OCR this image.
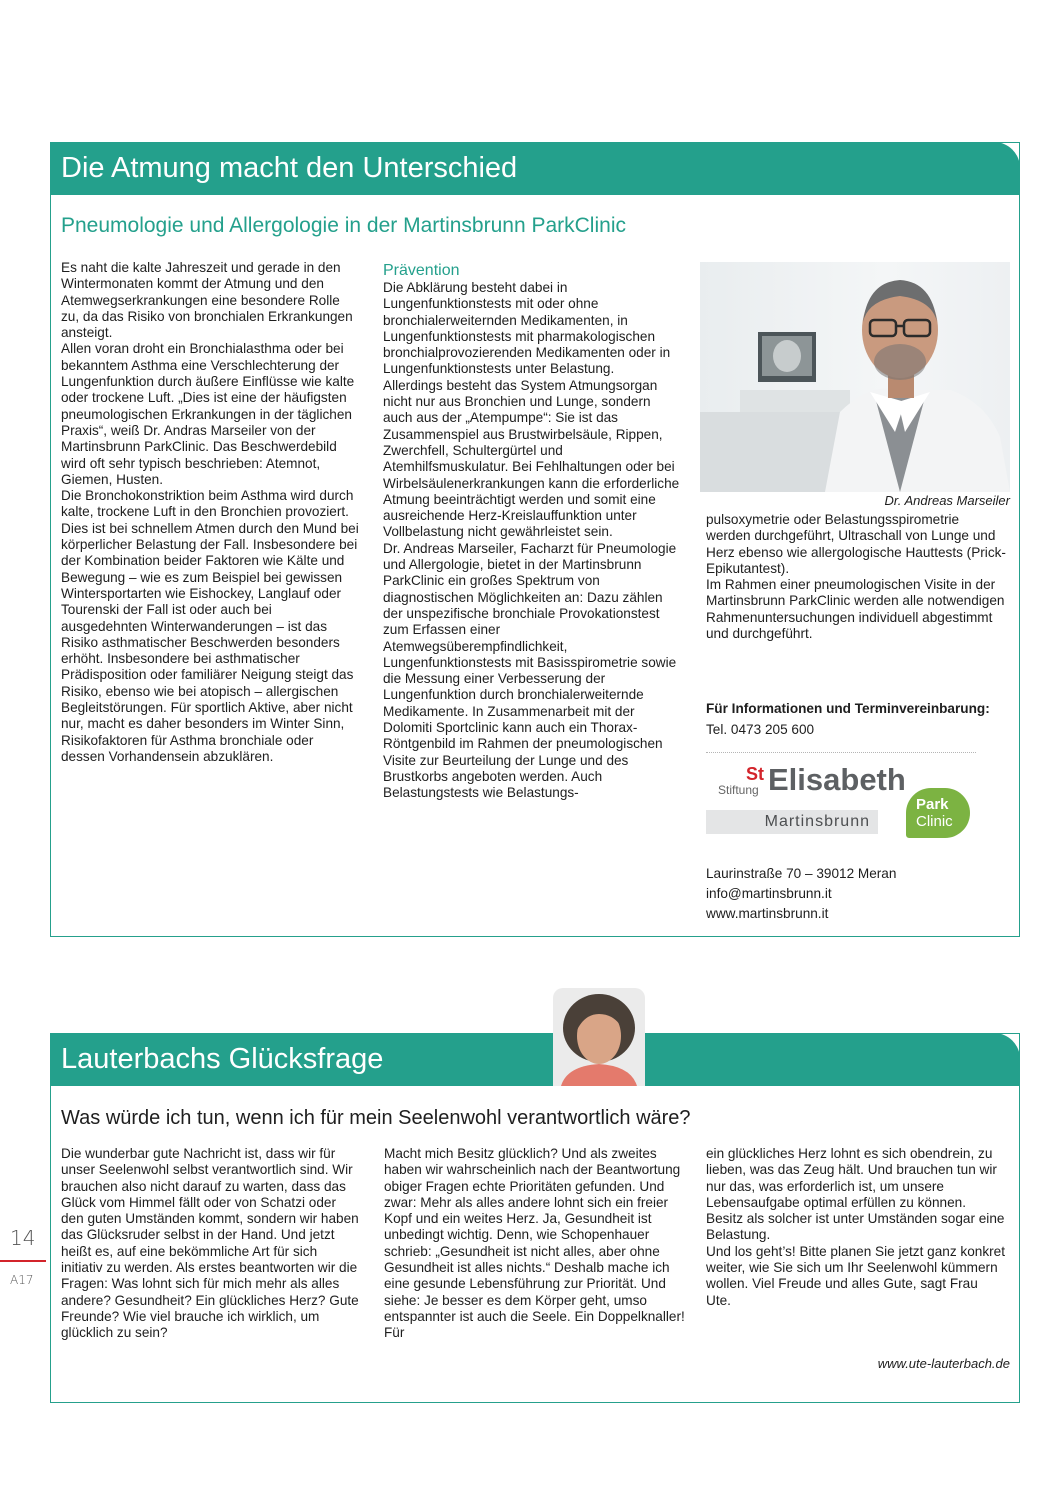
Die Atmung macht den Unterschied
Pneumologie und Allergologie in der Martinsbrunn ParkClinic

Es naht die kalte Jahreszeit und gerade in den Wintermonaten kommt der Atmung und den Atemwegserkrankungen eine besondere Rolle zu, da das Risiko von bronchialen Erkrankungen ansteigt.

Allen voran droht ein Bronchialasthma oder bei bekanntem Asthma eine Verschlechterung der Lungenfunktion durch äußere Einflüsse wie kalte oder trockene Luft. „Dies ist eine der häufigsten pneumologischen Erkrankungen in der täglichen Praxis“, weiß Dr. Andras Marseiler von der Martinsbrunn ParkClinic. Das Beschwerdebild wird oft sehr typisch beschrieben: Atemnot, Giemen, Husten.

Die Bronchokonstriktion beim Asthma wird durch kalte, trockene Luft in den Bronchien provoziert. Dies ist bei schnellem Atmen durch den Mund bei körperlicher Belastung der Fall. Insbesondere bei der Kombination beider Faktoren wie Kälte und Bewegung – wie es zum Beispiel bei gewissen Wintersportarten wie Eishockey, Langlauf oder Tourenski der Fall ist oder auch bei ausgedehnten Winterwanderungen – ist das Risiko asthmatischer Beschwerden besonders erhöht. Insbesondere bei asthmatischer Prädisposition oder familiärer Neigung steigt das Risiko, ebenso wie bei atopisch – allergischen Begleitstörungen. Für sportlich Aktive, aber nicht nur, macht es daher besonders im Winter Sinn, Risikofaktoren für Asthma bronchiale oder dessen Vorhandensein abzuklären.

Prävention

Die Abklärung besteht dabei in Lungenfunktionstests mit oder ohne bronchialerweiternden Medikamenten, in Lungenfunktionstests mit pharmakologischen bronchialprovozierenden Medikamenten oder in Lungenfunktionstests unter Belastung.

Allerdings besteht das System Atmungsorgan nicht nur aus Bronchien und Lunge, sondern auch aus der „Atempumpe“: Sie ist das Zusammenspiel aus Brustwirbelsäule, Rippen, Zwerchfell, Schultergürtel und Atemhilfsmuskulatur. Bei Fehlhaltungen oder bei Wirbelsäulenerkrankungen kann die erforderliche Atmung beeinträchtigt werden und somit eine ausreichende Herz-Kreislauffunktion unter Vollbelastung nicht gewährleistet sein.

Dr. Andreas Marseiler, Facharzt für Pneumologie und Allergologie, bietet in der Martinsbrunn ParkClinic ein großes Spektrum von diagnostischen Möglichkeiten an: Dazu zählen der unspezifische bronchiale Provokationstest zum Erfassen einer Atemwegsüberempfindlichkeit, Lungenfunktionstests mit Basisspirometrie sowie die Messung einer Verbesserung der Lungenfunktion durch bronchialerweiternde Medikamente. In Zusammenarbeit mit der Dolomiti Sportclinic kann auch ein Thorax-Röntgenbild im Rahmen der pneumologischen Visite zur Beurteilung der Lunge und des Brustkorbs angeboten werden. Auch Belastungstests wie Belastungs-

Dr. Andreas Marseiler

pulsoxymetrie oder Belastungsspirometrie werden durchgeführt, Ultraschall von Lunge und Herz ebenso wie allergologische Hauttests (Prick-Epikutantest).

Im Rahmen einer pneumologischen Visite in der Martinsbrunn ParkClinic werden alle notwendigen Rahmenuntersuchungen individuell abgestimmt und durchgeführt.

Für Informationen und Terminvereinbarung: Tel. 0473 205 600
Stiftung
St Elisabeth
Martinsbrunn
Park
Clinic

Laurinstraße 70 – 39012 Meran

info@martinsbrunn.it

www.martinsbrunn.it

Lauterbachs Glücksfrage
Was würde ich tun, wenn ich für mein Seelenwohl verantwortlich wäre?

Die wunderbar gute Nachricht ist, dass wir für unser Seelenwohl selbst verantwortlich sind. Wir brauchen also nicht darauf zu warten, dass das Glück vom Himmel fällt oder von Schatzi oder den guten Umständen kommt, sondern wir haben das Glücksruder selbst in der Hand. Und jetzt heißt es, auf eine bekömmliche Art für sich initiativ zu werden. Als erstes beantworten wir die Fragen: Was lohnt sich für mich mehr als alles andere? Gesundheit? Ein glückliches Herz? Gute Freunde? Wie viel brauche ich wirklich, um glücklich zu sein?

Macht mich Besitz glücklich? Und als zweites haben wir wahrscheinlich nach der Beantwortung obiger Fragen echte Prioritäten gefunden. Und zwar: Mehr als alles andere lohnt sich ein freier Kopf und ein weites Herz. Ja, Gesundheit ist unbedingt wichtig. Denn, wie Schopenhauer schrieb: „Gesundheit ist nicht alles, aber ohne Gesundheit ist alles nichts.“ Deshalb mache ich eine gesunde Lebensführung zur Priorität. Und siehe: Je besser es dem Körper geht, umso entspannter ist auch die Seele. Ein Doppelknaller! Für

ein glückliches Herz lohnt es sich obendrein, zu lieben, was das Zeug hält. Und brauchen tun wir nur das, was erforderlich ist, um unsere Lebensaufgabe optimal erfüllen zu können. Besitz als solcher ist unter Umständen sogar eine Belastung.

Und los geht’s! Bitte planen Sie jetzt ganz konkret weiter, wie Sie sich um Ihr Seelenwohl kümmern wollen. Viel Freude und alles Gute, sagt Frau Ute.

www.ute-lauterbach.de
14
A17
